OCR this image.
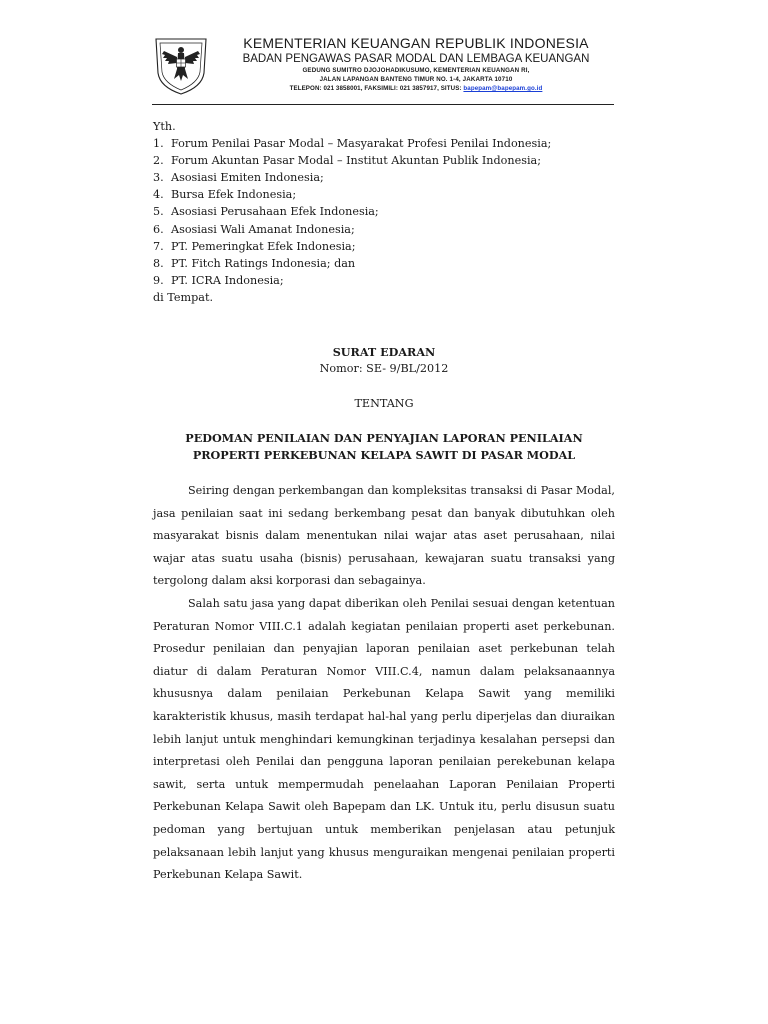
KEMENTERIAN KEUANGAN REPUBLIK INDONESIA
BADAN PENGAWAS PASAR MODAL DAN LEMBAGA KEUANGAN
GEDUNG SUMITRO DJOJOHADIKUSUMO, KEMENTERIAN KEUANGAN RI,
JALAN LAPANGAN BANTENG TIMUR NO. 1-4, JAKARTA 10710
TELEPON: 021 3858001, FAKSIMILI: 021 3857917, SITUS: bapepam@bapepam.go.id
Yth.
1. Forum Penilai Pasar Modal – Masyarakat Profesi Penilai Indonesia;
2. Forum Akuntan Pasar Modal – Institut Akuntan Publik Indonesia;
3. Asosiasi Emiten Indonesia;
4. Bursa Efek Indonesia;
5. Asosiasi Perusahaan Efek Indonesia;
6. Asosiasi Wali Amanat Indonesia;
7. PT. Pemeringkat Efek Indonesia;
8. PT. Fitch Ratings Indonesia; dan
9. PT. ICRA Indonesia;
di Tempat.
SURAT EDARAN
Nomor: SE- 9/BL/2012
TENTANG
PEDOMAN PENILAIAN DAN PENYAJIAN LAPORAN PENILAIAN
PROPERTI PERKEBUNAN KELAPA SAWIT DI PASAR MODAL

Seiring dengan perkembangan dan kompleksitas transaksi di Pasar Modal, jasa penilaian saat ini sedang berkembang pesat dan banyak dibutuhkan oleh masyarakat bisnis dalam menentukan nilai wajar atas aset perusahaan, nilai wajar atas suatu usaha (bisnis) perusahaan, kewajaran suatu transaksi yang tergolong dalam aksi korporasi dan sebagainya.

Salah satu jasa yang dapat diberikan oleh Penilai sesuai dengan ketentuan Peraturan Nomor VIII.C.1 adalah kegiatan penilaian properti aset perkebunan. Prosedur penilaian dan penyajian laporan penilaian aset perkebunan telah diatur di dalam Peraturan Nomor VIII.C.4, namun dalam pelaksanaannya khususnya dalam penilaian Perkebunan Kelapa Sawit yang memiliki karakteristik khusus, masih terdapat hal-hal yang perlu diperjelas dan diuraikan lebih lanjut untuk menghindari kemungkinan terjadinya kesalahan persepsi dan interpretasi oleh Penilai dan pengguna laporan penilaian perekebunan kelapa sawit, serta untuk mempermudah penelaahan Laporan Penilaian Properti Perkebunan Kelapa Sawit oleh Bapepam dan LK. Untuk itu, perlu disusun suatu pedoman yang bertujuan untuk memberikan penjelasan atau petunjuk pelaksanaan lebih lanjut yang khusus menguraikan mengenai penilaian properti Perkebunan Kelapa Sawit.
